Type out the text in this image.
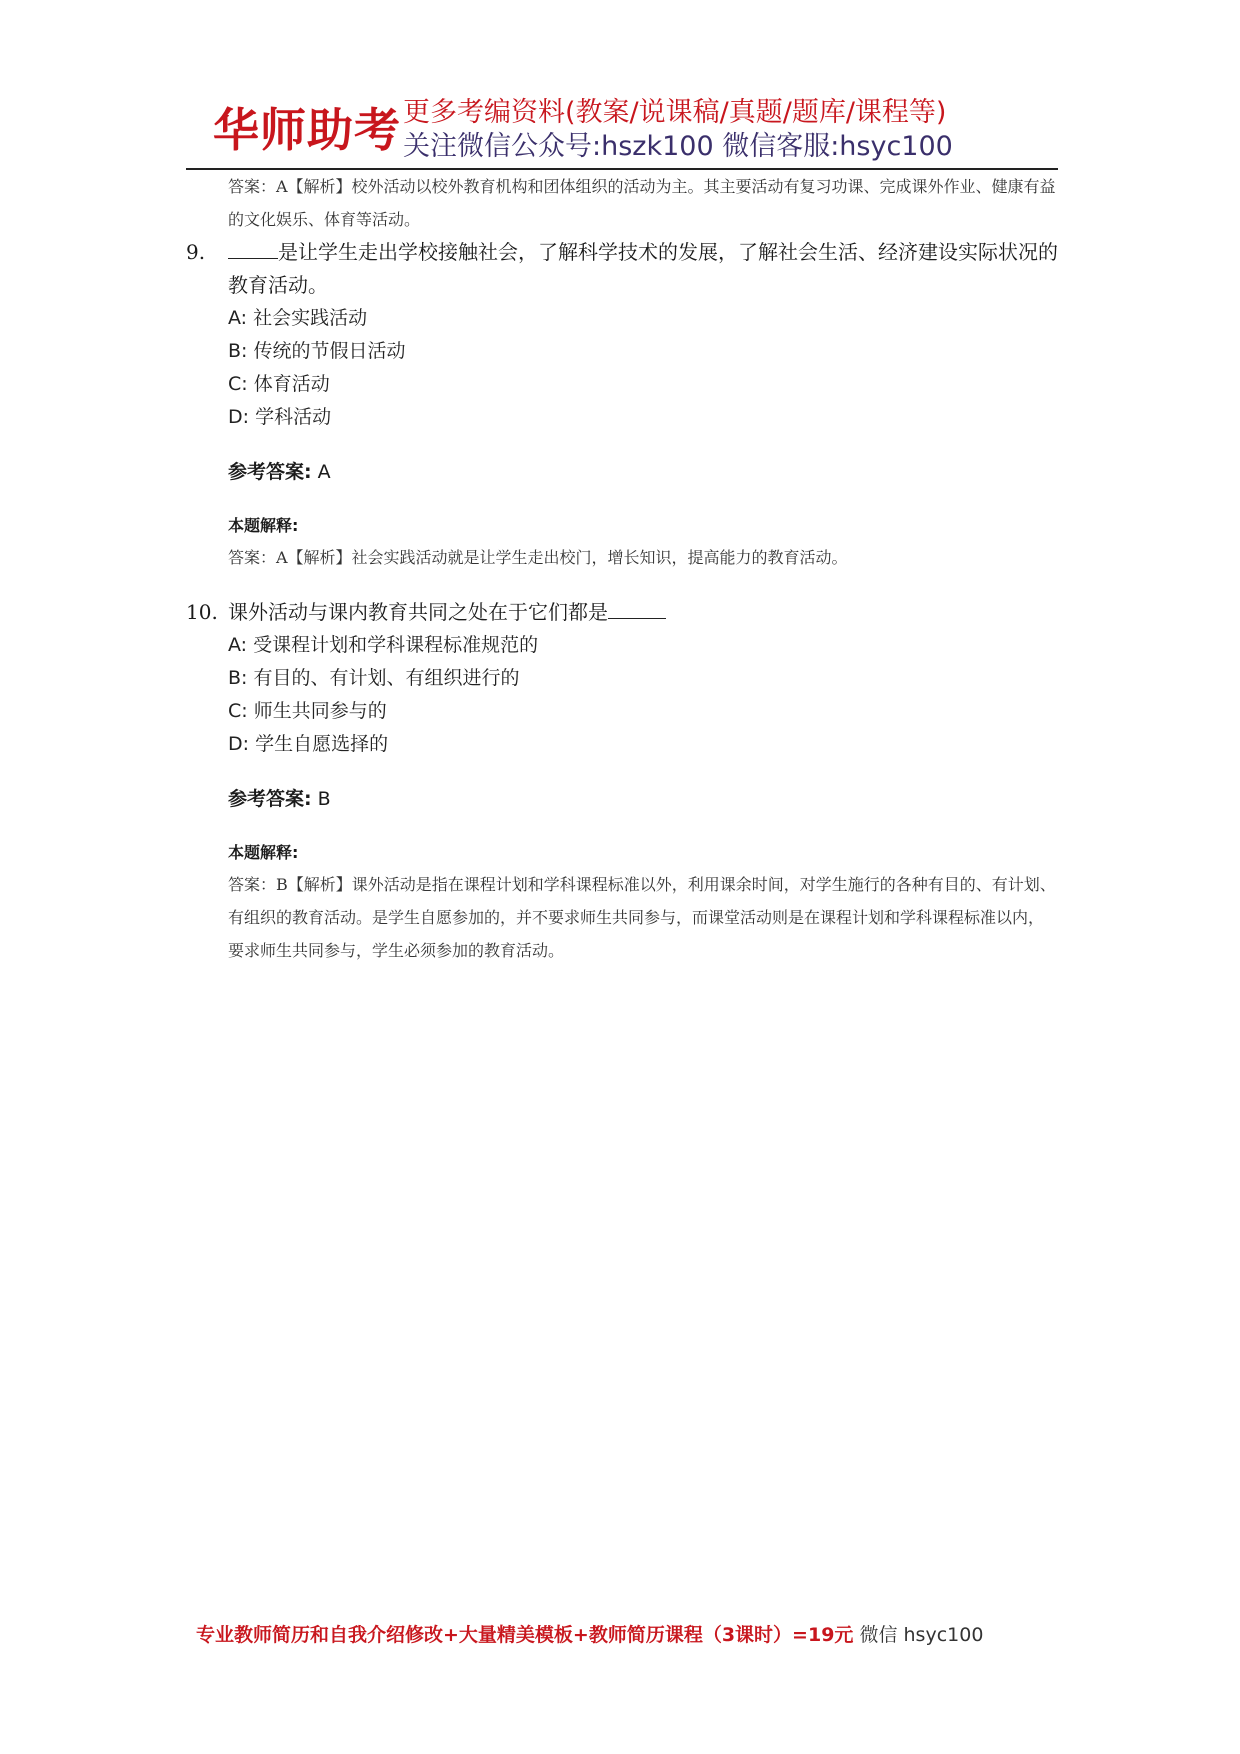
华师助考 更多考编资料(教案/说课稿/真题/题库/课程等)
关注微信公众号:hszk100 微信客服:hsyc100
答案：A【解析】校外活动以校外教育机构和团体组织的活动为主。其主要活动有复习功课、完成课外作业、健康有益的文化娱乐、体育等活动。
9.	是让学生走出学校接触社会，了解科学技术的发展，了解社会生活、经济建设实际状况的教育活动。
A: 社会实践活动
B: 传统的节假日活动
C: 体育活动
D: 学科活动
参考答案: A
本题解释:
答案：A【解析】社会实践活动就是让学生走出校门，增长知识，提高能力的教育活动。
10. 课外活动与课内教育共同之处在于它们都是
A: 受课程计划和学科课程标准规范的
B: 有目的、有计划、有组织进行的
C: 师生共同参与的
D: 学生自愿选择的
参考答案: B
本题解释:
答案：B【解析】课外活动是指在课程计划和学科课程标准以外，利用课余时间，对学生施行的各种有目的、有计划、有组织的教育活动。是学生自愿参加的，并不要求师生共同参与，而课堂活动则是在课程计划和学科课程标准以内，要求师生共同参与，学生必须参加的教育活动。
专业教师简历和自我介绍修改+大量精美模板+教师简历课程（3课时）=19元 微信 hsyc100
